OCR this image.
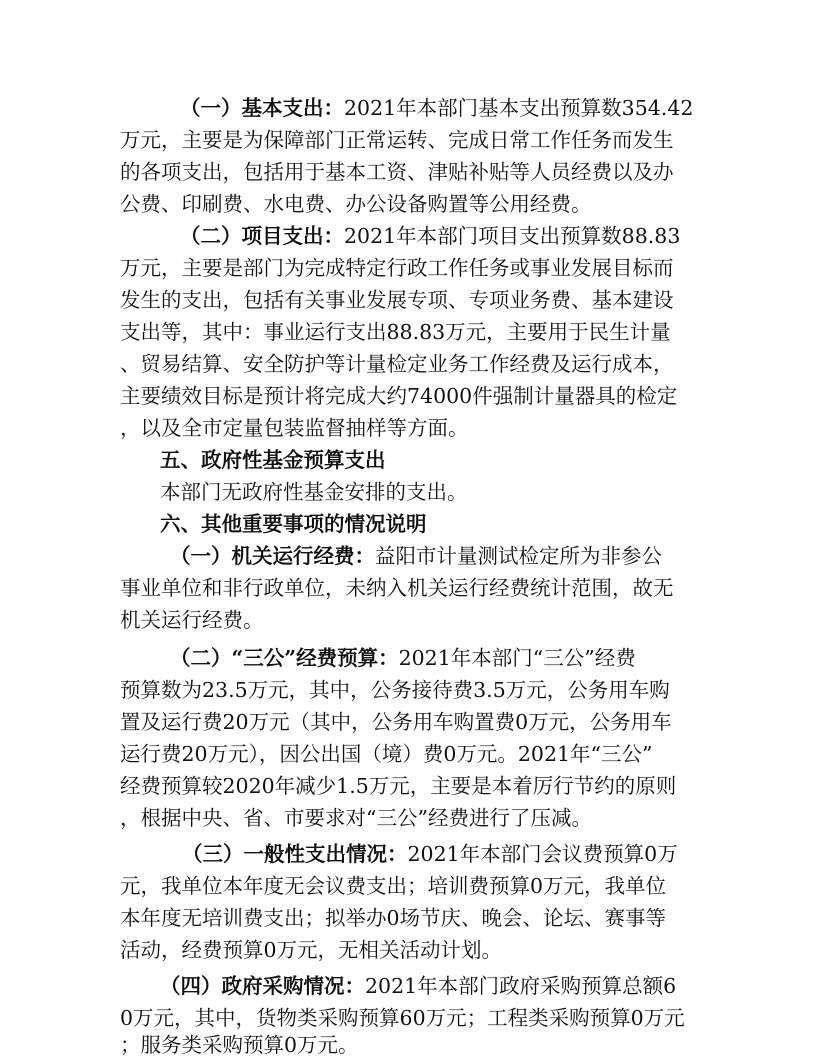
（一）基本支出：2021年本部门基本支出预算数354.42
万元，主要是为保障部门正常运转、完成日常工作任务而发生
的各项支出，包括用于基本工资、津贴补贴等人员经费以及办
公费、印刷费、水电费、办公设备购置等公用经费。
（二）项目支出：2021年本部门项目支出预算数88.83
万元，主要是部门为完成特定行政工作任务或事业发展目标而
发生的支出，包括有关事业发展专项、专项业务费、基本建设
支出等，其中：事业运行支出88.83万元，主要用于民生计量
、贸易结算、安全防护等计量检定业务工作经费及运行成本，
主要绩效目标是预计将完成大约74000件强制计量器具的检定
，以及全市定量包装监督抽样等方面。
五、政府性基金预算支出
本部门无政府性基金安排的支出。
六、其他重要事项的情况说明
（一）机关运行经费：益阳市计量测试检定所为非参公
事业单位和非行政单位，未纳入机关运行经费统计范围，故无
机关运行经费。
（二）“三公”经费预算：2021年本部门“三公”经费
预算数为23.5万元，其中，公务接待费3.5万元，公务用车购
置及运行费20万元（其中，公务用车购置费0万元，公务用车
运行费20万元），因公出国（境）费0万元。2021年“三公”
经费预算较2020年减少1.5万元，主要是本着厉行节约的原则
，根据中央、省、市要求对“三公”经费进行了压减。
（三）一般性支出情况：2021年本部门会议费预算0万
元，我单位本年度无会议费支出；培训费预算0万元，我单位
本年度无培训费支出；拟举办0场节庆、晚会、论坛、赛事等
活动，经费预算0万元，无相关活动计划。
（四）政府采购情况：2021年本部门政府采购预算总额6
0万元，其中，货物类采购预算60万元；工程类采购预算0万元
；服务类采购预算0万元。
